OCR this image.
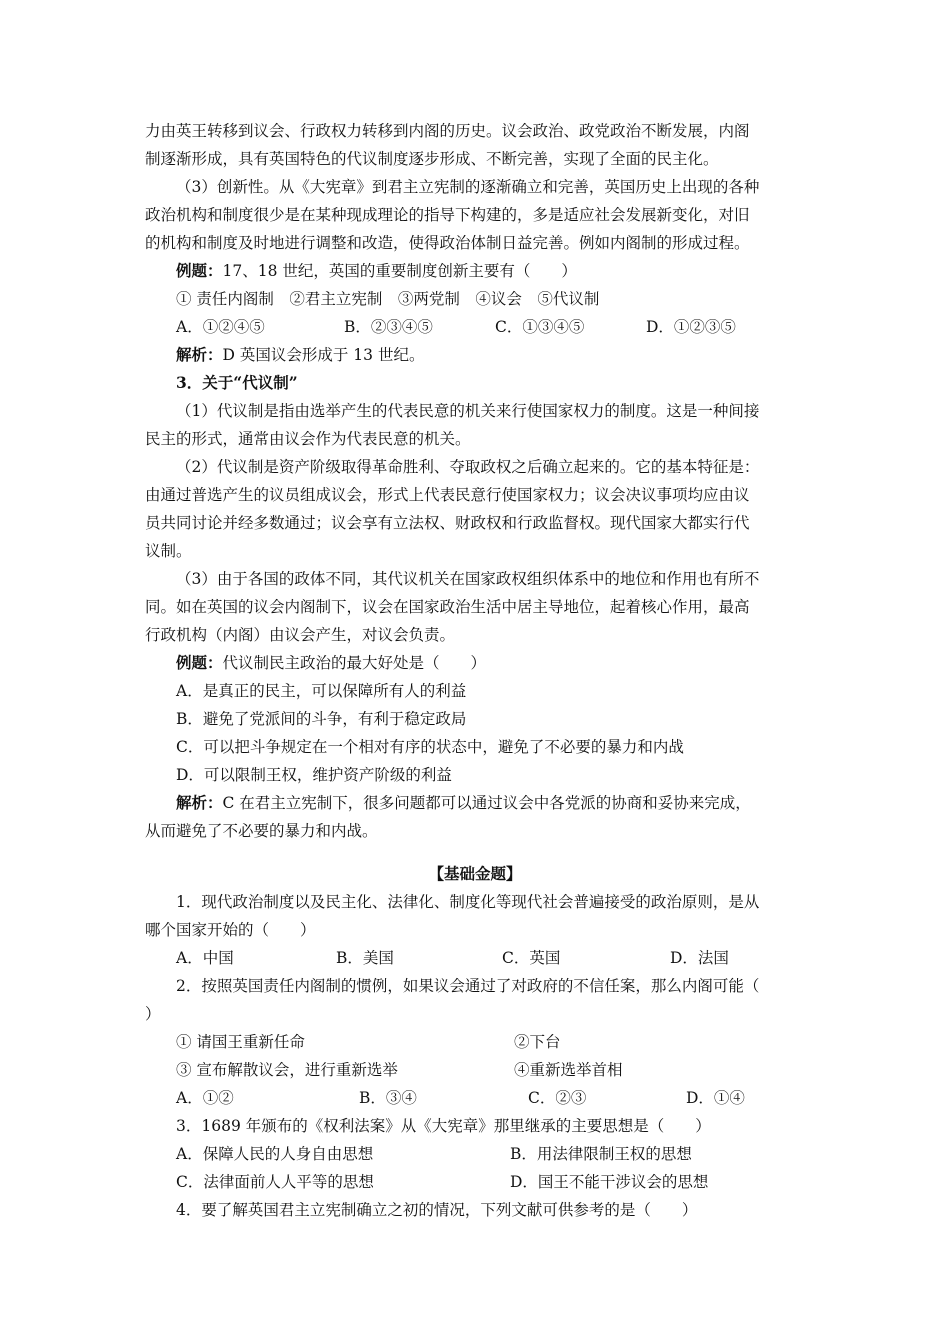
力由英王转移到议会、行政权力转移到内阁的历史。议会政治、政党政治不断发展，内阁
制逐渐形成，具有英国特色的代议制度逐步形成、不断完善，实现了全面的民主化。
（3）创新性。从《大宪章》到君主立宪制的逐渐确立和完善，英国历史上出现的各种
政治机构和制度很少是在某种现成理论的指导下构建的，多是适应社会发展新变化，对旧
的机构和制度及时地进行调整和改造，使得政治体制日益完善。例如内阁制的形成过程。
例题：17、18 世纪，英国的重要制度创新主要有（　　）
① 责任内阁制　②君主立宪制　③两党制　④议会　⑤代议制
A．①②④⑤	B．②③④⑤	C．①③④⑤	D．①②③⑤
解析：D 英国议会形成于 13 世纪。
3．关于“代议制”
（1）代议制是指由选举产生的代表民意的机关来行使国家权力的制度。这是一种间接
民主的形式，通常由议会作为代表民意的机关。
（2）代议制是资产阶级取得革命胜利、夺取政权之后确立起来的。它的基本特征是：
由通过普选产生的议员组成议会，形式上代表民意行使国家权力；议会决议事项均应由议
员共同讨论并经多数通过；议会享有立法权、财政权和行政监督权。现代国家大都实行代
议制。
（3）由于各国的政体不同，其代议机关在国家政权组织体系中的地位和作用也有所不
同。如在英国的议会内阁制下，议会在国家政治生活中居主导地位，起着核心作用，最高
行政机构（内阁）由议会产生，对议会负责。
例题：代议制民主政治的最大好处是（　　）
A．是真正的民主，可以保障所有人的利益
B．避免了党派间的斗争，有利于稳定政局
C．可以把斗争规定在一个相对有序的状态中，避免了不必要的暴力和内战
D．可以限制王权，维护资产阶级的利益
解析：C 在君主立宪制下，很多问题都可以通过议会中各党派的协商和妥协来完成，
从而避免了不必要的暴力和内战。
【基础金题】
1．现代政治制度以及民主化、法律化、制度化等现代社会普遍接受的政治原则，是从
哪个国家开始的（　　）
A．中国	B．美国	C．英国	D．法国
2．按照英国责任内阁制的惯例，如果议会通过了对政府的不信任案，那么内阁可能（
）
① 请国王重新任命	②下台
③ 宣布解散议会，进行重新选举	④重新选举首相
A．①②	B．③④	C．②③	D．①④
3．1689 年颁布的《权利法案》从《大宪章》那里继承的主要思想是（　　）
A．保障人民的人身自由思想	B．用法律限制王权的思想
C．法律面前人人平等的思想	D．国王不能干涉议会的思想
4．要了解英国君主立宪制确立之初的情况，下列文献可供参考的是（　　）
